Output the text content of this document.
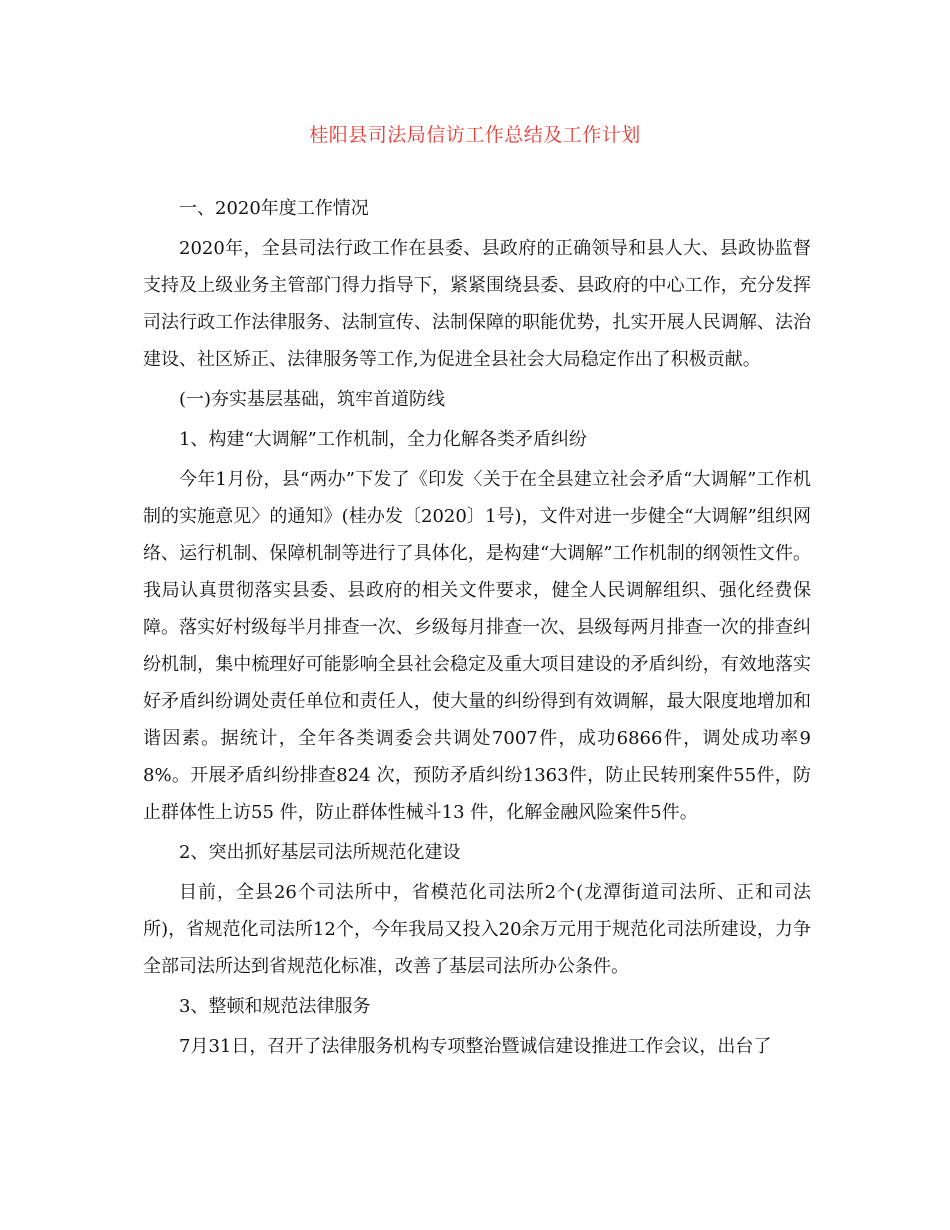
桂阳县司法局信访工作总结及工作计划

一、2020年度工作情况

2020年，全县司法行政工作在县委、县政府的正确领导和县人大、县政协监督支持及上级业务主管部门得力指导下，紧紧围绕县委、县政府的中心工作，充分发挥司法行政工作法律服务、法制宣传、法制保障的职能优势，扎实开展人民调解、法治建设、社区矫正、法律服务等工作,为促进全县社会大局稳定作出了积极贡献。

(一)夯实基层基础，筑牢首道防线

1、构建“大调解”工作机制，全力化解各类矛盾纠纷

今年1月份，县“两办”下发了《印发〈关于在全县建立社会矛盾“大调解”工作机制的实施意见〉的通知》(桂办发〔2020〕1号)，文件对进一步健全“大调解”组织网络、运行机制、保障机制等进行了具体化，是构建“大调解”工作机制的纲领性文件。我局认真贯彻落实县委、县政府的相关文件要求，健全人民调解组织、强化经费保障。落实好村级每半月排查一次、乡级每月排查一次、县级每两月排查一次的排查纠纷机制，集中梳理好可能影响全县社会稳定及重大项目建设的矛盾纠纷，有效地落实好矛盾纠纷调处责任单位和责任人，使大量的纠纷得到有效调解，最大限度地增加和谐因素。据统计，全年各类调委会共调处7007件，成功6866件，调处成功率98%。开展矛盾纠纷排查824 次，预防矛盾纠纷1363件，防止民转刑案件55件，防止群体性上访55 件，防止群体性械斗13 件，化解金融风险案件5件。

2、突出抓好基层司法所规范化建设

目前，全县26个司法所中，省模范化司法所2个(龙潭街道司法所、正和司法所)，省规范化司法所12个，今年我局又投入20余万元用于规范化司法所建设，力争全部司法所达到省规范化标准，改善了基层司法所办公条件。

3、整顿和规范法律服务

7月31日，召开了法律服务机构专项整治暨诚信建设推进工作会议，出台了
